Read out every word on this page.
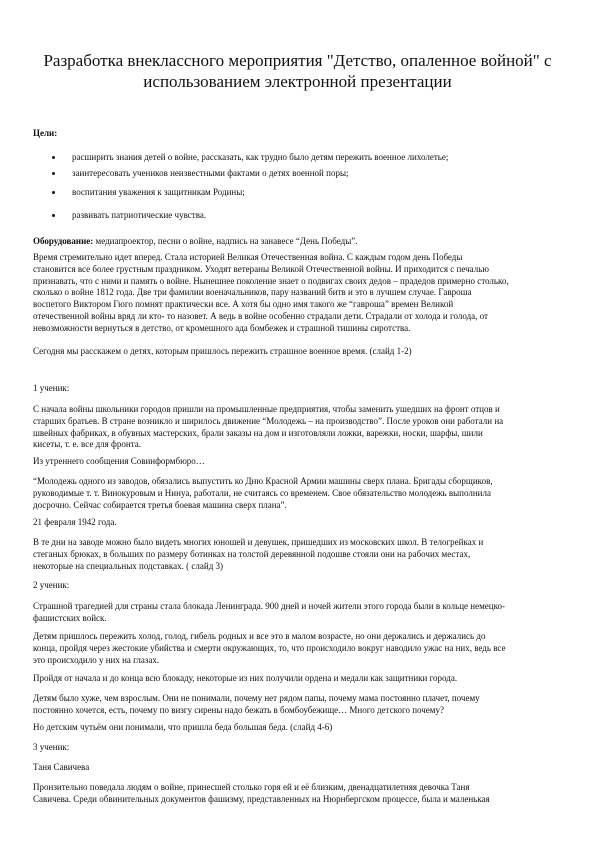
Разработка внеклассного мероприятия "Детство, опаленное войной" с
использованием электронной презентации
Цели:
расширить знания детей о войне, рассказать, как трудно было детям пережить военное лихолетье;
заинтересовать учеников неизвестными фактами о детях военной поры;
воспитания уважения к защитникам Родины;
развивать патриотические чувства.
Оборудование: медиапроектор, песни о войне, надпись на занавесе “День Победы”.
Время стремительно идет вперед. Стала историей Великая Отечественная война. С каждым годом день Победы
становится все более грустным праздником. Уходят ветераны Великой Отечественной войны. И приходится с печалью
признавать, что с ними и память о войне. Нынешнее поколение знает о подвигах своих дедов – прадедов примерно столько,
сколько о войне 1812 года. Две три фамилии военачальников, пару названий битв и это в лучшем случае. Гаврошa
воспетого Виктором Гюго помнят практически все. А хотя бы одно имя такого же “гавроша” времен Великой
отечественной войны вряд ли кто- то назовет. А ведь в войне особенно страдали дети. Страдали от холода и голода, от
невозможности вернуться в детство, от кромешного ада бомбежек и страшной тишины сиротства.
Сегодня мы расскажем о детях, которым пришлось пережить страшное военное время. (слайд 1-2)
1 ученик:
С начала войны школьники городов пришли на промышленные предприятия, чтобы заменить ушедших на фронт отцов и
старших братьев. В стране возникло и ширилось движение “Молодежь – на производство”. После уроков они работали на
швейных фабриках, в обувных мастерских, брали заказы на дом и изготовляли ложки, варежки, носки, шарфы, шили
кисеты, т. е. все для фронта.
Из утреннего сообщения Совинформбюро…
“Молодежь одного из заводов, обязались выпустить ко Дню Красной Армии машины сверх плана. Бригады сборщиков,
руководимые т. т. Винокуровым и Нинуа, работали, не считаясь со временем. Свое обязательство молодежь выполнила
досрочно. Сейчас собирается третья боевая машина сверх плана”.
21 февраля 1942 года.
В те дни на заводе можно было видеть многих юношей и девушек, пришедших из московских школ. В телогрейках и
стеганых брюках, в больших по размеру ботинках на толстой деревянной подошве стояли они на рабочих местах,
некоторые на специальных подставках. ( слайд 3)
2 ученик:
Страшной трагедией для страны стала блокада Ленинграда. 900 дней и ночей жители этого города были в кольце немецко-
фашистских войск.
Детям пришлось пережить холод, голод, гибель родных и все это в малом возрасте, но они держались и держались до
конца, пройдя через жестокие убийства и смерти окружающих, то, что происходило вокруг наводило ужас на них, ведь все
это происходило у них на глазах.
Пройдя от начала и до конца всю блокаду, некоторые из них получили ордена и медали как защитники города.
Детям было хуже, чем взрослым. Они не понимали, почему нет рядом папы, почему мама постоянно плачет, почему
постоянно хочется, есть, почему по визгу сирены надо бежать в бомбоубежище… Много детского почему?
Но детским чутьём они понимали, что пришла беда большая беда. (слайд 4-6)
3 ученик:
Таня Савичева
Пронзительно поведала людям о войне, принесшей столько горя ей и её близким, двенадцатилетняя девочка Таня
Савичева. Среди обвинительных документов фашизму, представленных на Нюрнбергском процессе, была и маленькая
